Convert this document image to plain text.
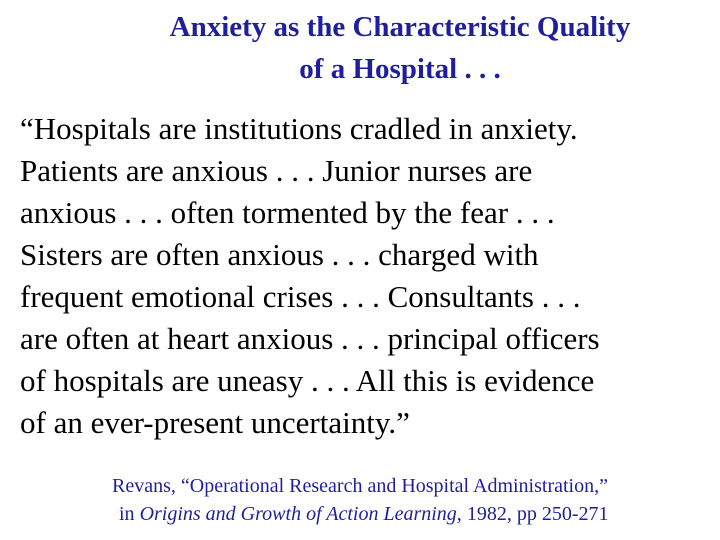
Anxiety as the Characteristic Quality
of a Hospital . . .
“Hospitals are institutions cradled in anxiety.
Patients are anxious . . . Junior nurses are
anxious . . . often tormented by the fear . . .
Sisters are often anxious . . . charged with
frequent emotional crises . . . Consultants . . .
are often at heart anxious . . . principal officers
of hospitals are uneasy . . . All this is evidence
of an ever-present uncertainty.”
Revans, “Operational Research and Hospital Administration,”
in Origins and Growth of Action Learning, 1982, pp 250-271
